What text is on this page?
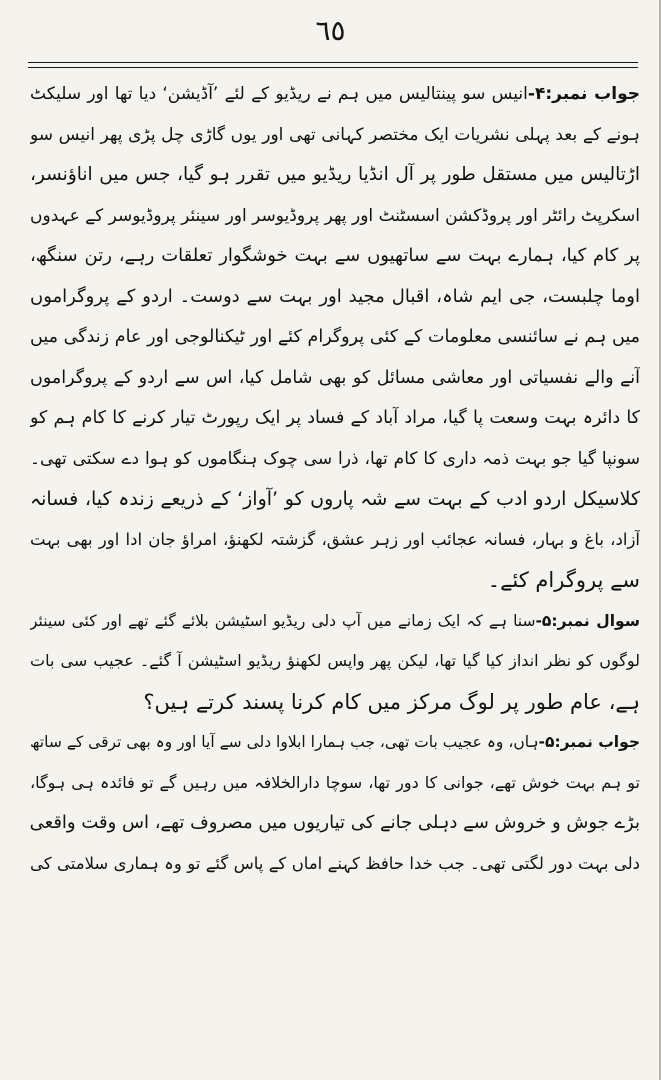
٦٥
جواب نمبر:۴-انیس سو پینتالیس میں ہم نے ریڈیو کے لئے ’آڈیشن‘ دیا تھا اور سلیکٹ
ہونے کے بعد پہلی نشریات ایک مختصر کہانی تھی اور یوں گاڑی چل پڑی پھر انیس سو
اڑتالیس میں مستقل طور پر آل انڈیا ریڈیو میں تقرر ہو گیا، جس میں اناؤنسر،
اسکرپٹ رائٹر اور پروڈکشن اسسٹنٹ اور پھر پروڈیوسر اور سینئر پروڈیوسر کے عہدوں
پر کام کیا، ہمارے بہت سے ساتھیوں سے بہت خوشگوار تعلقات رہے، رتن سنگھ،
اوما چلبست، جی ایم شاہ، اقبال مجید اور بہت سے دوست۔ اردو کے پروگراموں
میں ہم نے سائنسی معلومات کے کئی پروگرام کئے اور ٹیکنالوجی اور عام زندگی میں
آنے والے نفسیاتی اور معاشی مسائل کو بھی شامل کیا، اس سے اردو کے پروگراموں
کا دائرہ بہت وسعت پا گیا، مراد آباد کے فساد پر ایک رپورٹ تیار کرنے کا کام ہم کو
سونپا گیا جو بہت ذمہ داری کا کام تھا، ذرا سی چوک ہنگاموں کو ہوا دے سکتی تھی۔
کلاسیکل اردو ادب کے بہت سے شہ پاروں کو ’آواز‘ کے ذریعے زندہ کیا، فسانہ
آزاد، باغ و بہار، فسانہ عجائب اور زہر عشق، گزشتہ لکھنؤ، امراؤ جان ادا اور بھی بہت
سے پروگرام کئے۔
سوال نمبر:۵-سنا ہے کہ ایک زمانے میں آپ دلی ریڈیو اسٹیشن بلائے گئے تھے اور کئی سینئر
لوگوں کو نظر انداز کیا گیا تھا، لیکن پھر واپس لکھنؤ ریڈیو اسٹیشن آ گئے۔ عجیب سی بات
ہے، عام طور پر لوگ مرکز میں کام کرنا پسند کرتے ہیں؟
جواب نمبر:۵-ہاں، وہ عجیب بات تھی، جب ہمارا ابلاوا دلی سے آیا اور وہ بھی ترقی کے ساتھ
تو ہم بہت خوش تھے، جوانی کا دور تھا، سوچا دارالخلافہ میں رہیں گے تو فائدہ ہی ہوگا،
بڑے جوش و خروش سے دہلی جانے کی تیاریوں میں مصروف تھے، اس وقت واقعی
دلی بہت دور لگتی تھی۔ جب خدا حافظ کہنے اماں کے پاس گئے تو وہ ہماری سلامتی کی
